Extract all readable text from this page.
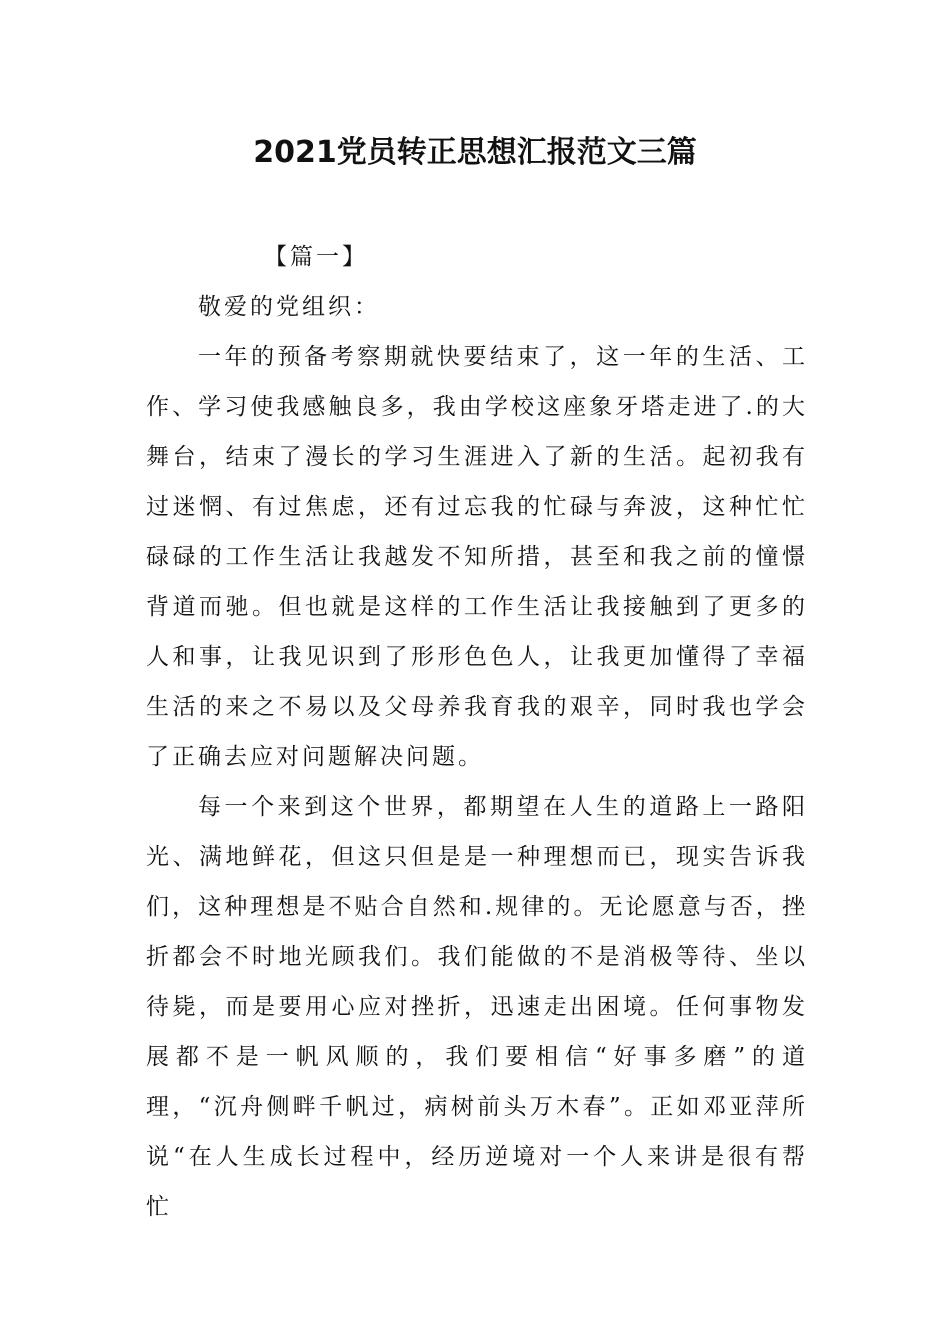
2021党员转正思想汇报范文三篇

【篇一】

敬爱的党组织：

一年的预备考察期就快要结束了，这一年的生活、工作、学习使我感触良多，我由学校这座象牙塔走进了.的大舞台，结束了漫长的学习生涯进入了新的生活。起初我有过迷惘、有过焦虑，还有过忘我的忙碌与奔波，这种忙忙碌碌的工作生活让我越发不知所措，甚至和我之前的憧憬背道而驰。但也就是这样的工作生活让我接触到了更多的人和事，让我见识到了形形色色人，让我更加懂得了幸福生活的来之不易以及父母养我育我的艰辛，同时我也学会了正确去应对问题解决问题。

每一个来到这个世界，都期望在人生的道路上一路阳光、满地鲜花，但这只但是是一种理想而已，现实告诉我们，这种理想是不贴合自然和.规律的。无论愿意与否，挫折都会不时地光顾我们。我们能做的不是消极等待、坐以待毙，而是要用心应对挫折，迅速走出困境。任何事物发展都不是一帆风顺的，我们要相信“好事多磨”的道理，“沉舟侧畔千帆过，病树前头万木春”。正如邓亚萍所说“在人生成长过程中，经历逆境对一个人来讲是很有帮忙
